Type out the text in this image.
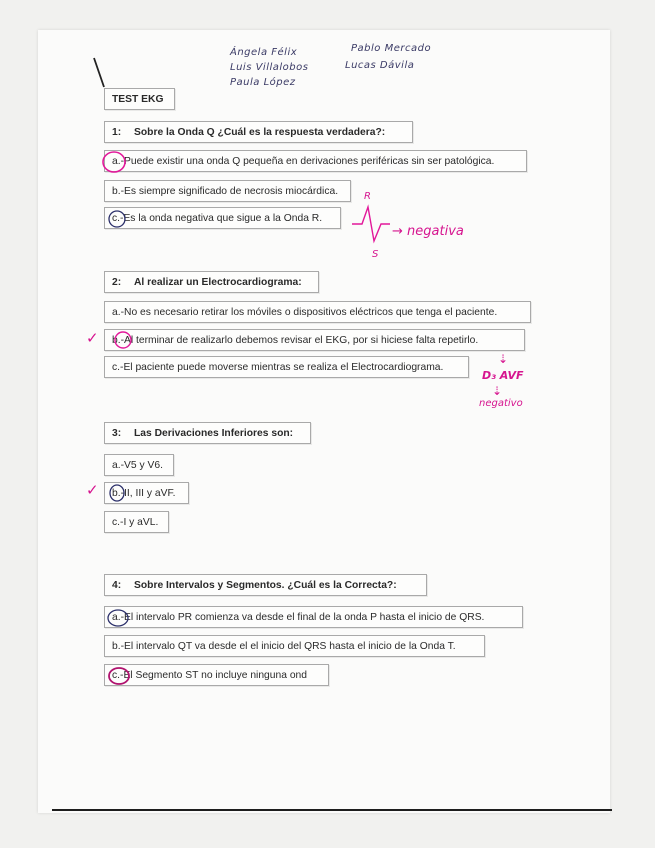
Ángela Félix	Pablo Mercado
Luis Villalobos	Lucas Dávila
Paula López
TEST EKG
1:	Sobre la Onda Q ¿Cuál es la respuesta verdadera?:
a.-Puede existir una onda Q pequeña en derivaciones periféricas sin ser patológica.
b.-Es siempre significado de necrosis miocárdica.
c.-Es la onda negativa que sigue a la Onda R.
2:	Al realizar un Electrocardiograma:
a.-No es necesario retirar los móviles o dispositivos eléctricos que tenga el paciente.
b.-Al terminar de realizarlo debemos revisar el EKG, por si hiciese falta repetirlo.
c.-El paciente puede moverse mientras se realiza el Electrocardiograma.
3:	Las Derivaciones Inferiores son:
a.-V5 y V6.
b.-II, III y aVF.
c.-I y aVL.
4:	Sobre Intervalos y Segmentos. ¿Cuál es la Correcta?:
a.-El intervalo PR comienza va desde el final de la onda P hasta el inicio de QRS.
b.-El intervalo QT va desde el el inicio del QRS hasta el inicio de la Onda T.
c.-El Segmento ST no incluye ninguna ond
R
S
→ negativa
✓
✓
⇣
D₃ AVF
⇣
negativo
